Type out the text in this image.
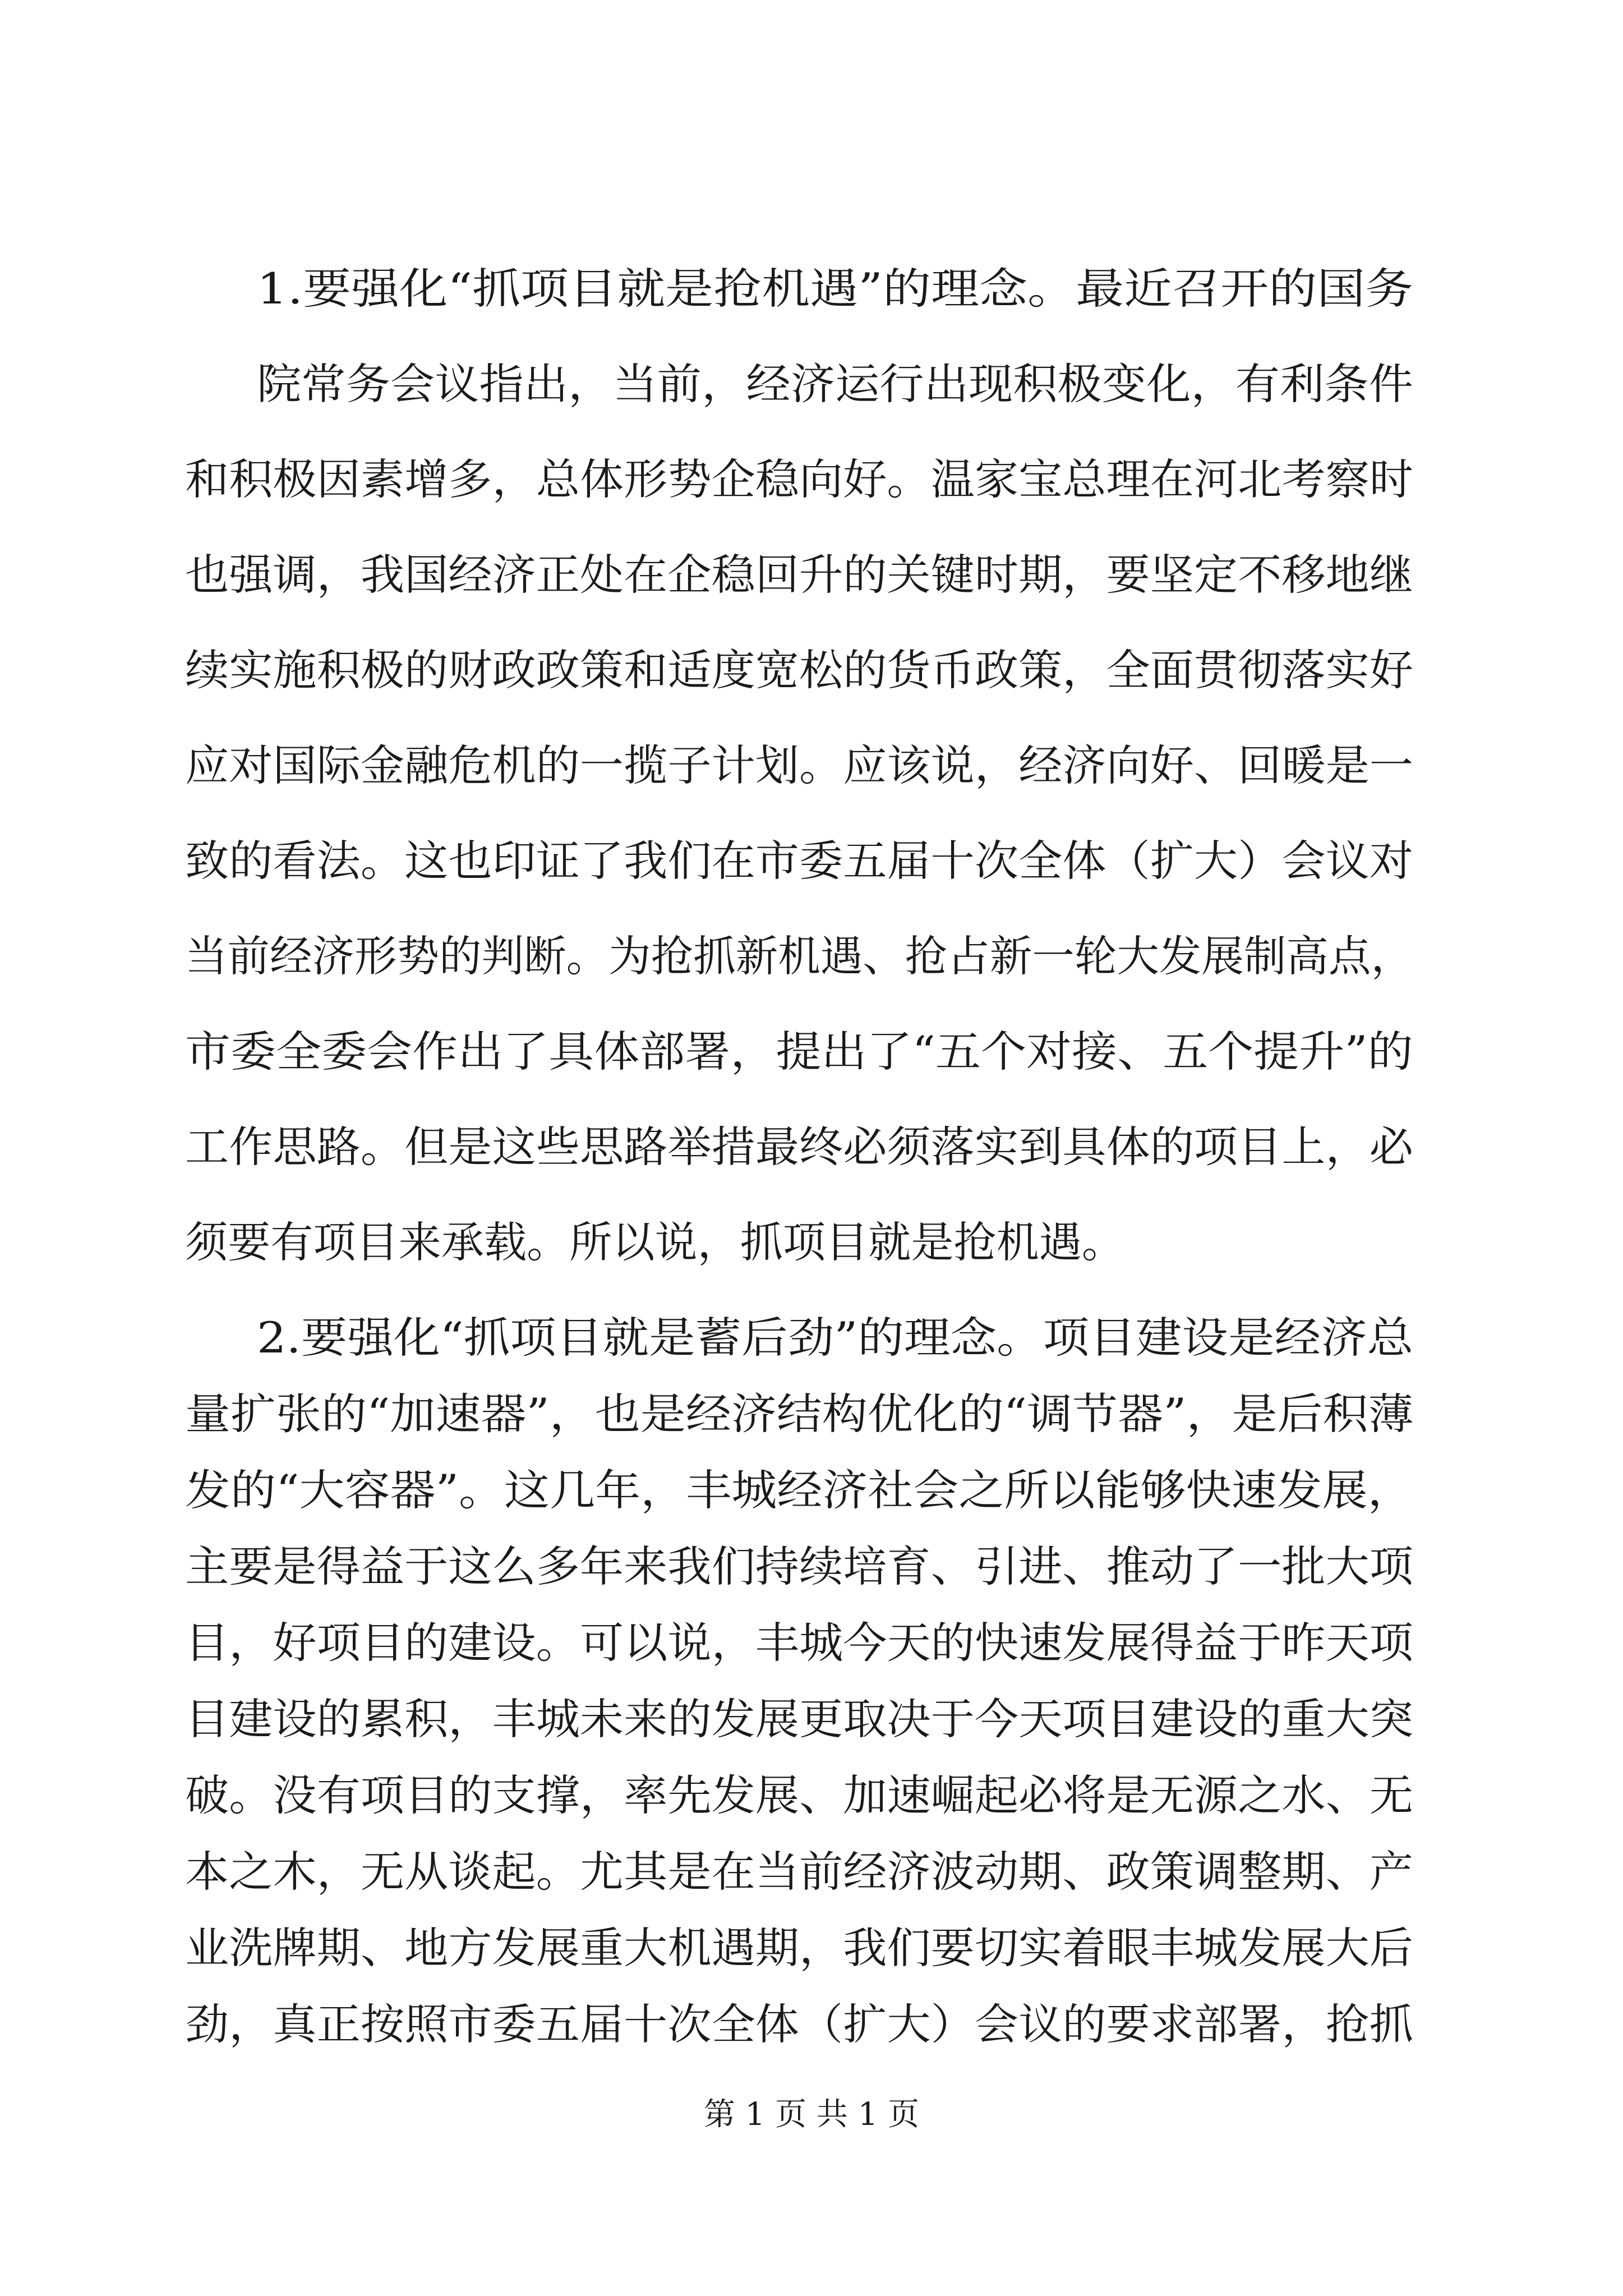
1.要强化“抓项目就是抢机遇”的理念。最近召开的国务
院常务会议指出，当前，经济运行出现积极变化，有利条件
和积极因素增多，总体形势企稳向好。温家宝总理在河北考察时
也强调，我国经济正处在企稳回升的关键时期，要坚定不移地继
续实施积极的财政政策和适度宽松的货币政策，全面贯彻落实好
应对国际金融危机的一揽子计划。应该说，经济向好、回暖是一
致的看法。这也印证了我们在市委五届十次全体（扩大）会议对
当前经济形势的判断。为抢抓新机遇、抢占新一轮大发展制高点，
市委全委会作出了具体部署，提出了“五个对接、五个提升”的
工作思路。但是这些思路举措最终必须落实到具体的项目上，必
须要有项目来承载。所以说，抓项目就是抢机遇。
2.要强化“抓项目就是蓄后劲”的理念。项目建设是经济总
量扩张的“加速器”，也是经济结构优化的“调节器”，是后积薄
发的“大容器”。这几年，丰城经济社会之所以能够快速发展，
主要是得益于这么多年来我们持续培育、引进、推动了一批大项
目，好项目的建设。可以说，丰城今天的快速发展得益于昨天项
目建设的累积，丰城未来的发展更取决于今天项目建设的重大突
破。没有项目的支撑，率先发展、加速崛起必将是无源之水、无
本之木，无从谈起。尤其是在当前经济波动期、政策调整期、产
业洗牌期、地方发展重大机遇期，我们要切实着眼丰城发展大后
劲，真正按照市委五届十次全体（扩大）会议的要求部署，抢抓
第 1 页 共 1 页
